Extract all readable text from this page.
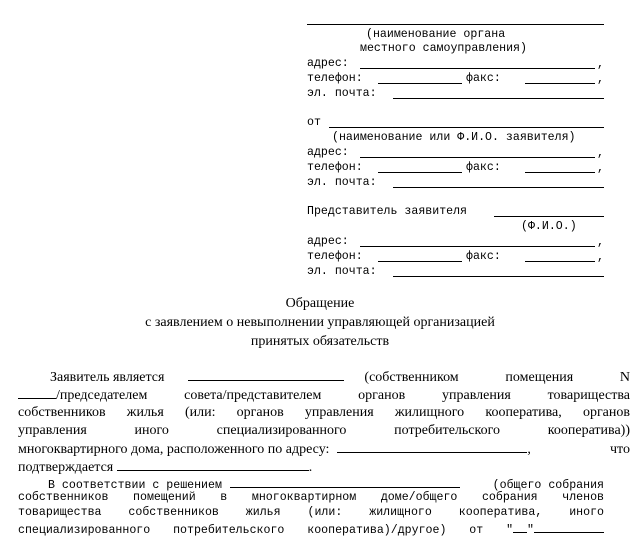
(наименование органа
местного самоуправления)
адрес:	,
телефон:	факс:	,
эл. почта:
от
(наименование или Ф.И.О. заявителя)
адрес:	,
телефон:	факс:	,
эл. почта:
Представитель заявителя
(Ф.И.О.)
адрес:	,
телефон:	факс:	,
эл. почта:
Обращение
с заявлением о невыполнении управляющей организацией
принятых обязательств
Заявитель является	(собственником помещения N
/председателем совета/представителем органов управления товарищества
собственников жилья (или: органов управления жилищного кооператива, органов
управления иного специализированного потребительского кооператива))
многоквартирного дома, расположенного по адресу:	, что
подтверждается	.
В соответствии с решением	(общего собрания
собственников помещений в многоквартирном доме/общего собрания членов
товарищества собственников жилья (или: жилищного кооператива, иного
специализированного потребительского кооператива)/другое) от " "
